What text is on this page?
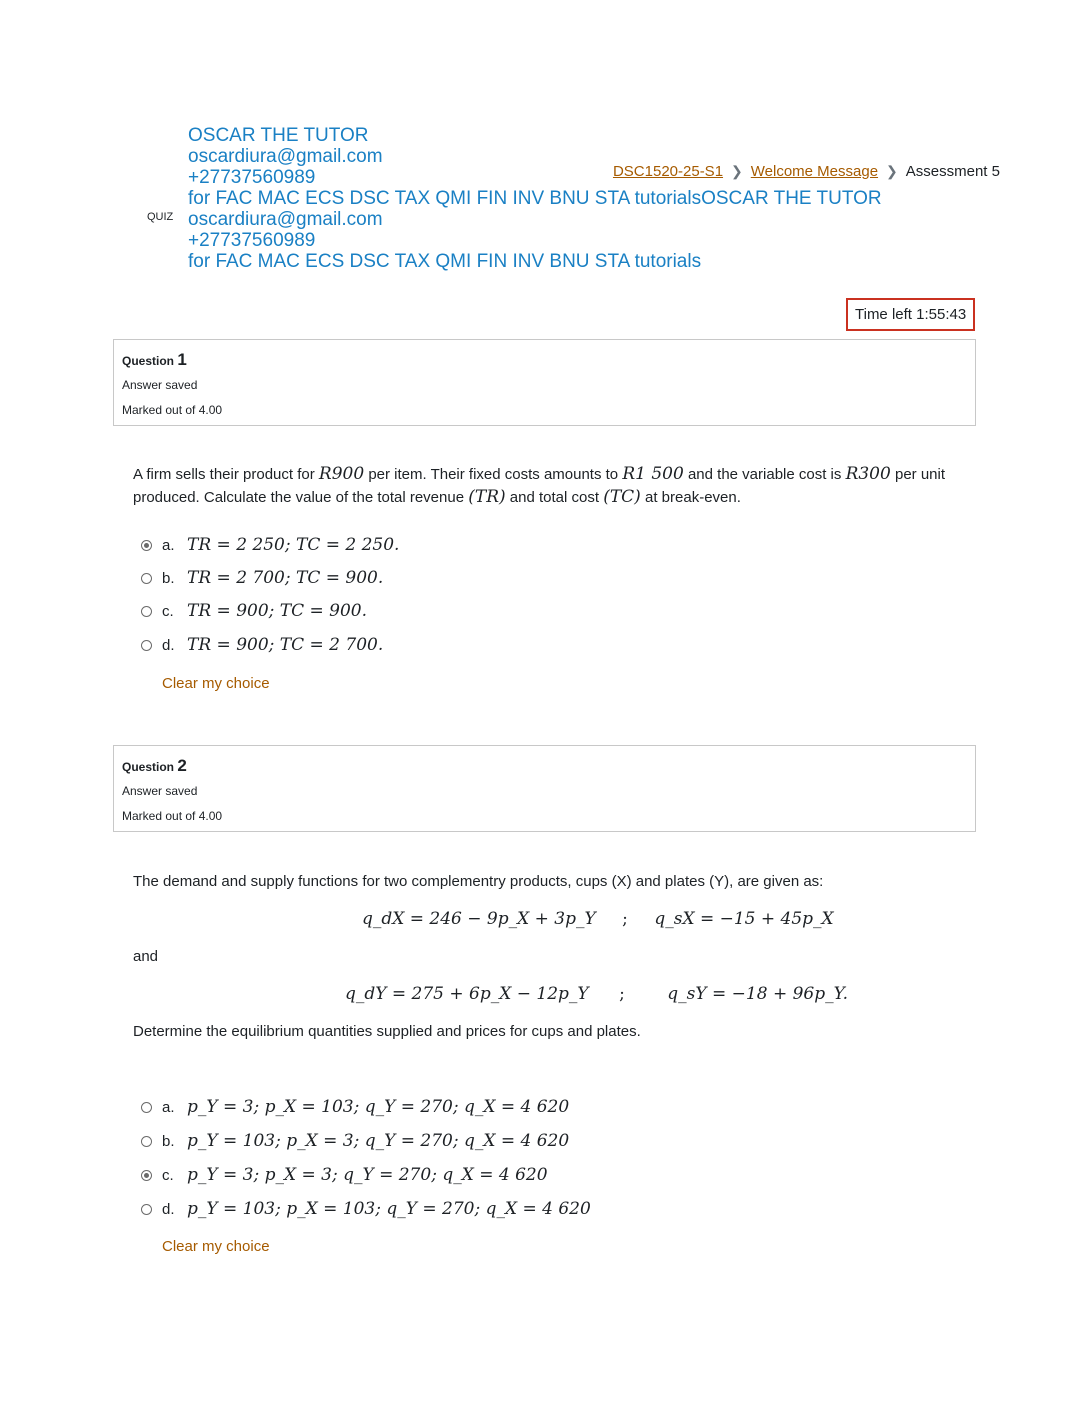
OSCAR THE TUTOR
oscardiura@gmail.com
+27737560989
for FAC MAC ECS DSC TAX QMI FIN INV BNU STA tutorialsOSCAR THE TUTOR
oscardiura@gmail.com
+27737560989
for FAC MAC ECS DSC TAX QMI FIN INV BNU STA tutorials
QUIZ
DSC1520-25-S1 ❯ Welcome Message ❯ Assessment 5
Time left 1:55:43
Question 1
Answer saved
Marked out of 4.00
A firm sells their product for R900 per item. Their fixed costs amounts to R1 500 and the variable cost is R300 per unit
produced. Calculate the value of the total revenue (TR) and total cost (TC) at break-even.
a. TR = 2 250; TC = 2 250.
b. TR = 2 700; TC = 900.
c. TR = 900; TC = 900.
d. TR = 900; TC = 2 700.
Clear my choice
Question 2
Answer saved
Marked out of 4.00
The demand and supply functions for two complementry products, cups (X) and plates (Y), are given as:
q_dX = 246 − 9p_X + 3p_Y ; q_sX = −15 + 45p_X
and
q_dY = 275 + 6p_X − 12p_Y ; q_sY = −18 + 96p_Y.
Determine the equilibrium quantities supplied and prices for cups and plates.
a. p_Y = 3; p_X = 103; q_Y = 270; q_X = 4 620
b. p_Y = 103; p_X = 3; q_Y = 270; q_X = 4 620
c. p_Y = 3; p_X = 3; q_Y = 270; q_X = 4 620
d. p_Y = 103; p_X = 103; q_Y = 270; q_X = 4 620
Clear my choice
